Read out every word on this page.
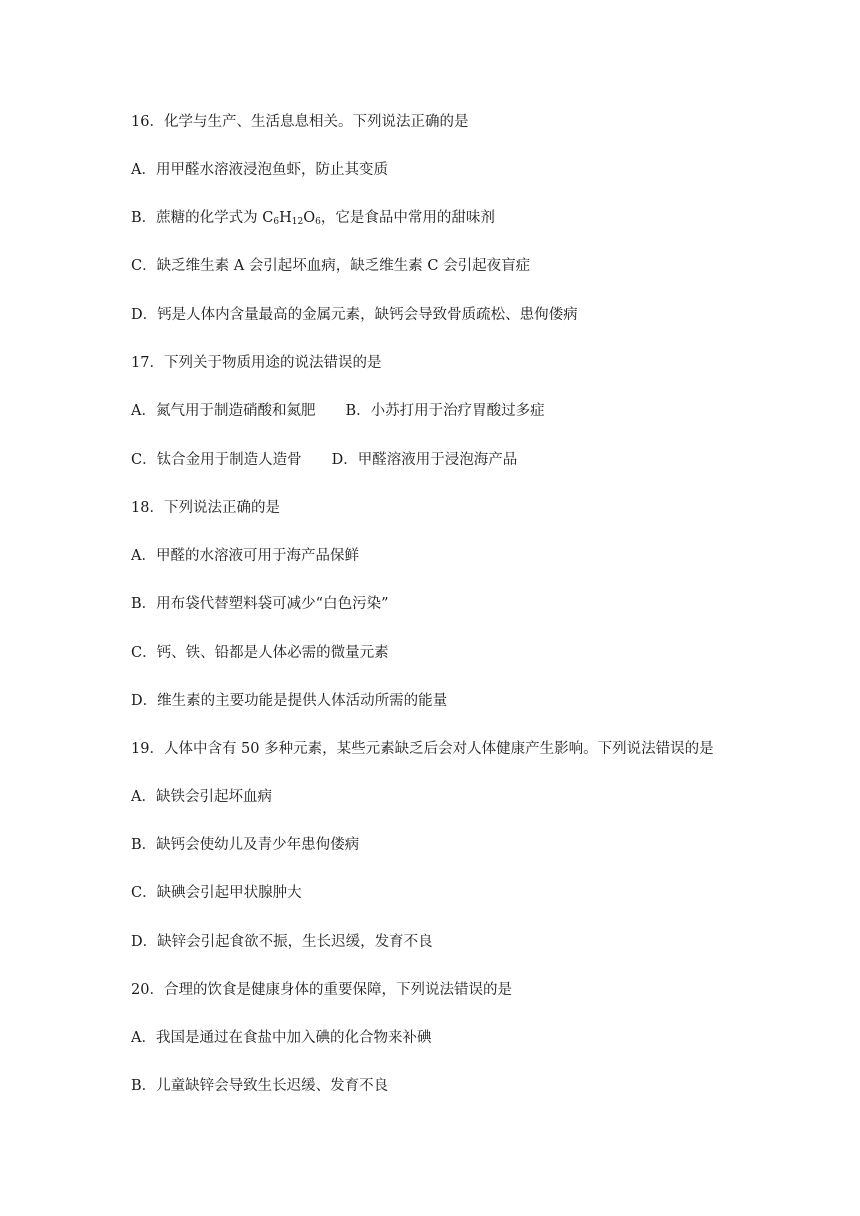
16．化学与生产、生活息息相关。下列说法正确的是
A．用甲醛水溶液浸泡鱼虾，防止其变质
B．蔗糖的化学式为 $C_6H_{12}O_6$，它是食品中常用的甜味剂
C．缺乏维生素 A 会引起坏血病，缺乏维生素 C 会引起夜盲症
D．钙是人体内含量最高的金属元素，缺钙会导致骨质疏松、患佝偻病
17．下列关于物质用途的说法错误的是
A．氮气用于制造硝酸和氮肥 B．小苏打用于治疗胃酸过多症
C．钛合金用于制造人造骨 D．甲醛溶液用于浸泡海产品
18．下列说法正确的是
A．甲醛的水溶液可用于海产品保鲜
B．用布袋代替塑料袋可减少“白色污染”
C．钙、铁、铅都是人体必需的微量元素
D．维生素的主要功能是提供人体活动所需的能量
19．人体中含有 50 多种元素，某些元素缺乏后会对人体健康产生影响。下列说法错误的是
A．缺铁会引起坏血病
B．缺钙会使幼儿及青少年患佝偻病
C．缺碘会引起甲状腺肿大
D．缺锌会引起食欲不振，生长迟缓，发育不良
20．合理的饮食是健康身体的重要保障，下列说法错误的是
A．我国是通过在食盐中加入碘的化合物来补碘
B．儿童缺锌会导致生长迟缓、发育不良
